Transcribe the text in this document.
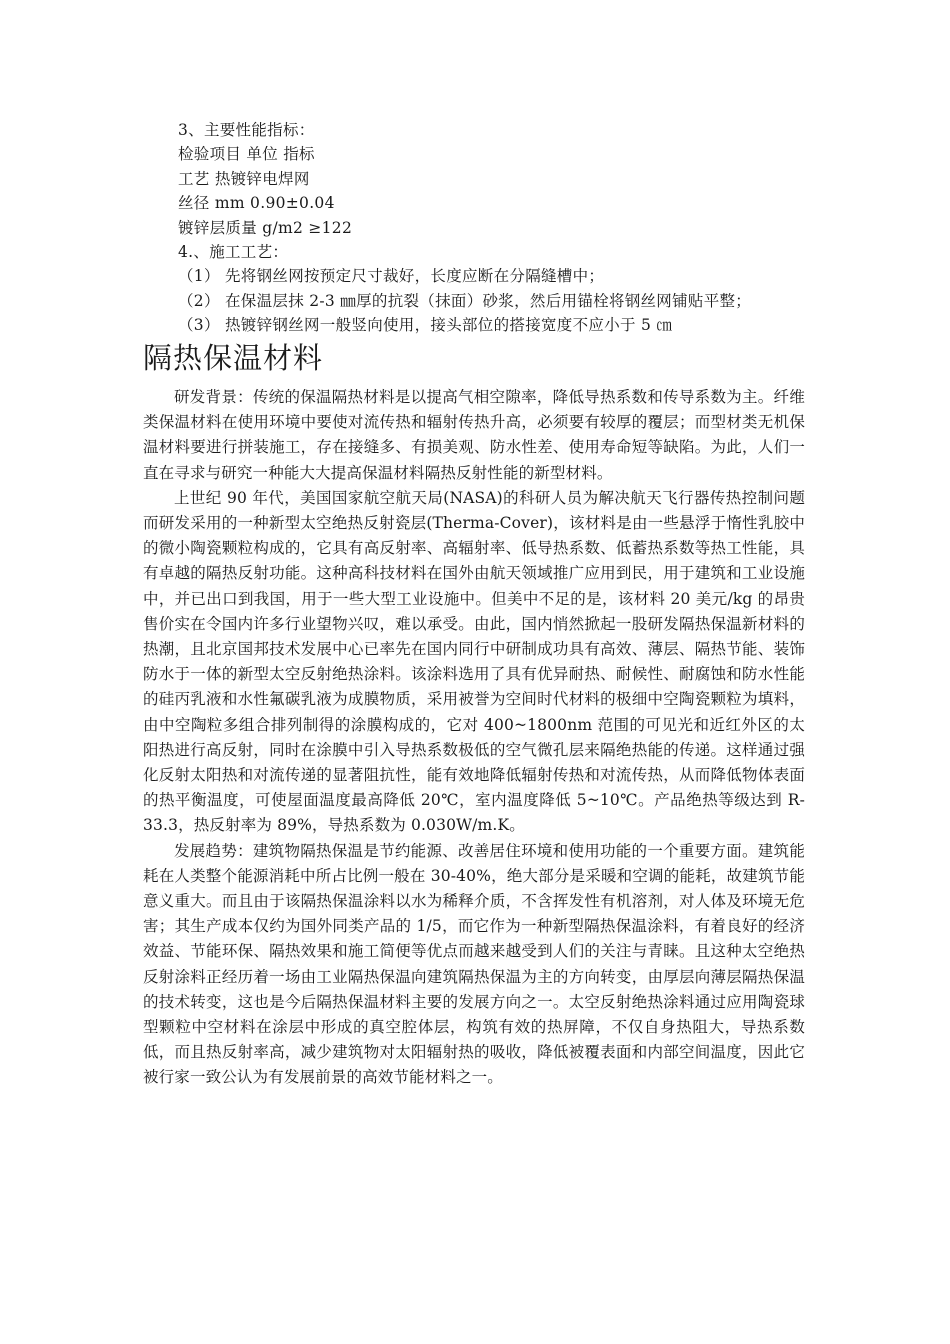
3、主要性能指标：
检验项目 单位 指标
工艺 热镀锌电焊网
丝径 mm 0.90±0.04
镀锌层质量 g/m2 ≥122
4.、施工工艺：
（1） 先将钢丝网按预定尺寸裁好，长度应断在分隔缝槽中；
（2） 在保温层抹 2-3 ㎜厚的抗裂（抹面）砂浆，然后用锚栓将钢丝网铺贴平整；
（3） 热镀锌钢丝网一般竖向使用，接头部位的搭接宽度不应小于 5 ㎝
隔热保温材料

研发背景：传统的保温隔热材料是以提高气相空隙率，降低导热系数和传导系数为主。纤维类保温材料在使用环境中要使对流传热和辐射传热升高，必须要有较厚的覆层；而型材类无机保温材料要进行拼装施工，存在接缝多、有损美观、防水性差、使用寿命短等缺陷。为此，人们一直在寻求与研究一种能大大提高保温材料隔热反射性能的新型材料。

上世纪 90 年代，美国国家航空航天局(NASA)的科研人员为解决航天飞行器传热控制问题而研发采用的一种新型太空绝热反射瓷层(Therma-Cover)，该材料是由一些悬浮于惰性乳胶中的微小陶瓷颗粒构成的，它具有高反射率、高辐射率、低导热系数、低蓄热系数等热工性能，具有卓越的隔热反射功能。这种高科技材料在国外由航天领域推广应用到民，用于建筑和工业设施中，并已出口到我国，用于一些大型工业设施中。但美中不足的是，该材料 20 美元/kg 的昂贵售价实在令国内许多行业望物兴叹，难以承受。由此，国内悄然掀起一股研发隔热保温新材料的热潮，且北京国邦技术发展中心已率先在国内同行中研制成功具有高效、薄层、隔热节能、装饰防水于一体的新型太空反射绝热涂料。该涂料选用了具有优异耐热、耐候性、耐腐蚀和防水性能的硅丙乳液和水性氟碳乳液为成膜物质，采用被誉为空间时代材料的极细中空陶瓷颗粒为填料，由中空陶粒多组合排列制得的涂膜构成的，它对 400~1800nm 范围的可见光和近红外区的太阳热进行高反射，同时在涂膜中引入导热系数极低的空气微孔层来隔绝热能的传递。这样通过强化反射太阳热和对流传递的显著阻抗性，能有效地降低辐射传热和对流传热，从而降低物体表面的热平衡温度，可使屋面温度最高降低 20℃，室内温度降低 5~10℃。产品绝热等级达到 R-33.3，热反射率为 89%，导热系数为 0.030W/m.K。

发展趋势：建筑物隔热保温是节约能源、改善居住环境和使用功能的一个重要方面。建筑能耗在人类整个能源消耗中所占比例一般在 30-40%，绝大部分是采暖和空调的能耗，故建筑节能意义重大。而且由于该隔热保温涂料以水为稀释介质，不含挥发性有机溶剂，对人体及环境无危害；其生产成本仅约为国外同类产品的 1/5，而它作为一种新型隔热保温涂料，有着良好的经济效益、节能环保、隔热效果和施工简便等优点而越来越受到人们的关注与青睐。且这种太空绝热反射涂料正经历着一场由工业隔热保温向建筑隔热保温为主的方向转变，由厚层向薄层隔热保温的技术转变，这也是今后隔热保温材料主要的发展方向之一。太空反射绝热涂料通过应用陶瓷球型颗粒中空材料在涂层中形成的真空腔体层，构筑有效的热屏障，不仅自身热阻大，导热系数低，而且热反射率高，减少建筑物对太阳辐射热的吸收，降低被覆表面和内部空间温度，因此它被行家一致公认为有发展前景的高效节能材料之一。
